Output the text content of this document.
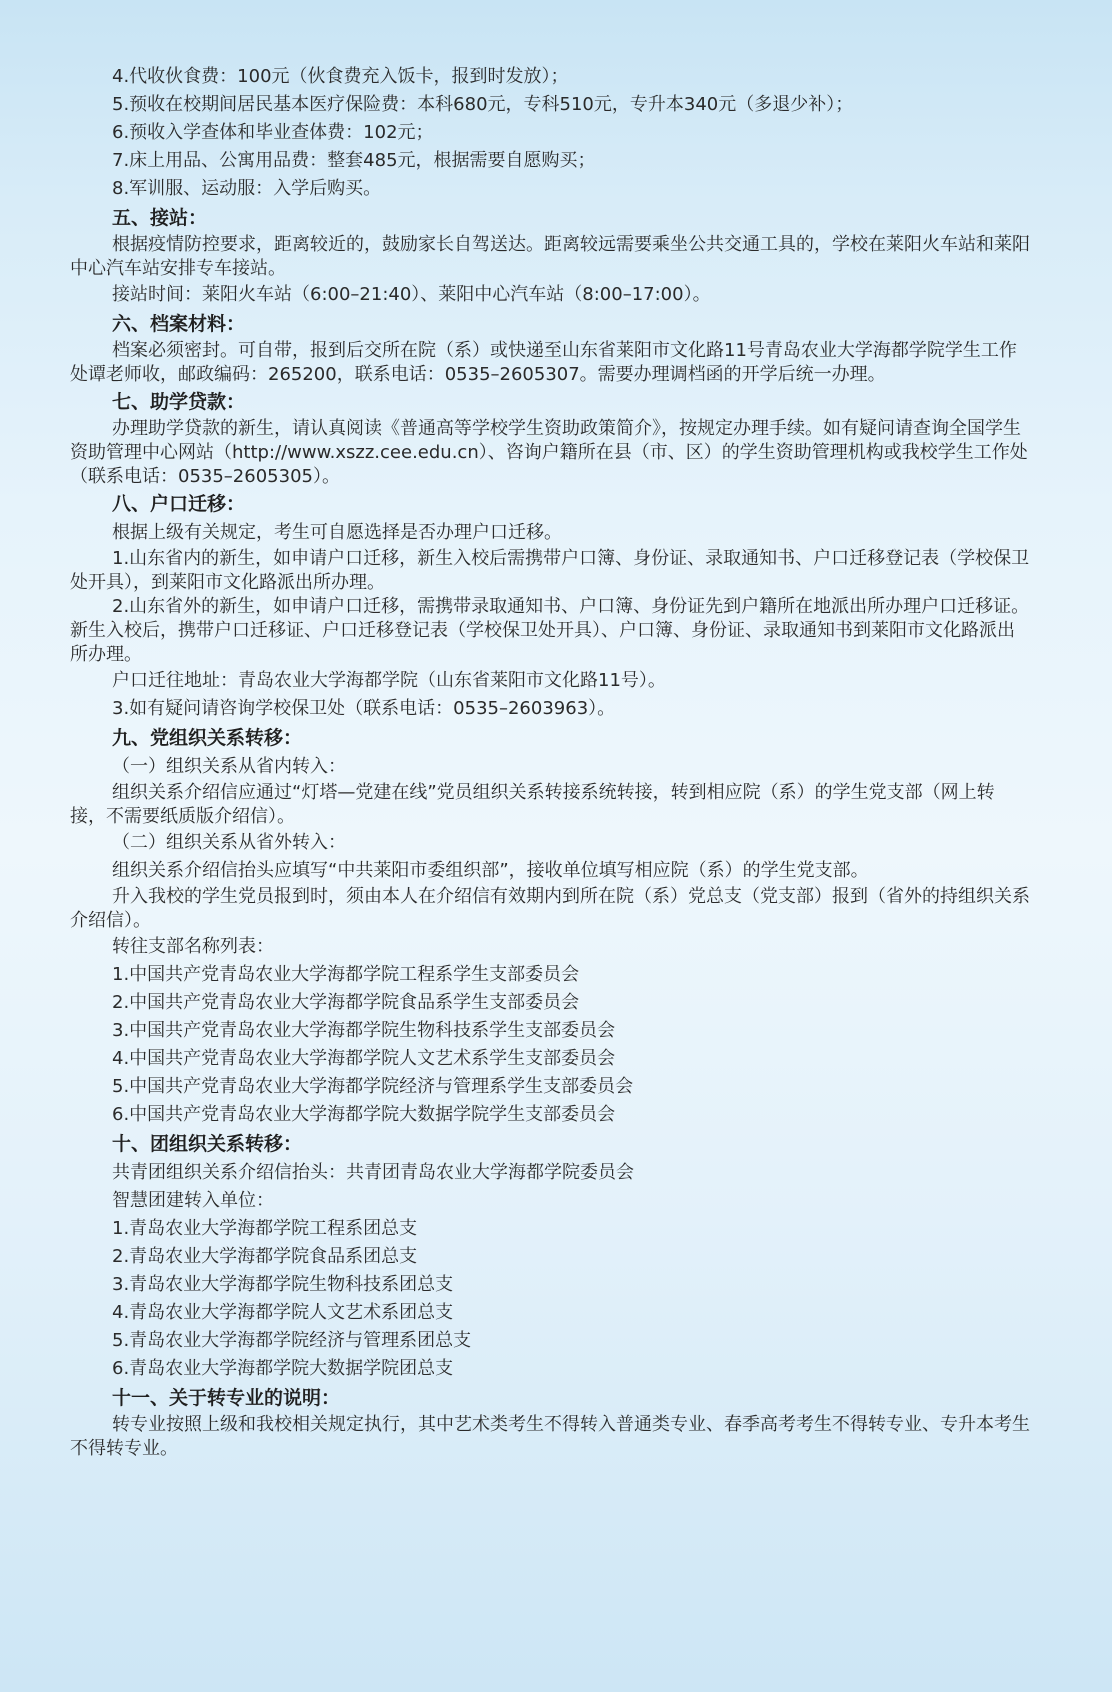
4.代收伙食费：100元（伙食费充入饭卡，报到时发放）；

5.预收在校期间居民基本医疗保险费：本科680元，专科510元，专升本340元（多退少补）；

6.预收入学查体和毕业查体费：102元；

7.床上用品、公寓用品费：整套485元，根据需要自愿购买；

8.军训服、运动服：入学后购买。

五、接站：

根据疫情防控要求，距离较近的，鼓励家长自驾送达。距离较远需要乘坐公共交通工具的，学校在莱阳火车站和莱阳中心汽车站安排专车接站。

接站时间：莱阳火车站（6:00–21:40）、莱阳中心汽车站（8:00–17:00）。

六、档案材料：

档案必须密封。可自带，报到后交所在院（系）或快递至山东省莱阳市文化路11号青岛农业大学海都学院学生工作处谭老师收，邮政编码：265200，联系电话：0535–2605307。需要办理调档函的开学后统一办理。

七、助学贷款：

办理助学贷款的新生，请认真阅读《普通高等学校学生资助政策简介》，按规定办理手续。如有疑问请查询全国学生资助管理中心网站（http://www.xszz.cee.edu.cn）、咨询户籍所在县（市、区）的学生资助管理机构或我校学生工作处（联系电话：0535–2605305）。

八、户口迁移：

根据上级有关规定，考生可自愿选择是否办理户口迁移。

1.山东省内的新生，如申请户口迁移，新生入校后需携带户口簿、身份证、录取通知书、户口迁移登记表（学校保卫处开具），到莱阳市文化路派出所办理。

2.山东省外的新生，如申请户口迁移，需携带录取通知书、户口簿、身份证先到户籍所在地派出所办理户口迁移证。新生入校后，携带户口迁移证、户口迁移登记表（学校保卫处开具）、户口簿、身份证、录取通知书到莱阳市文化路派出所办理。

户口迁往地址：青岛农业大学海都学院（山东省莱阳市文化路11号）。

3.如有疑问请咨询学校保卫处（联系电话：0535–2603963）。

九、党组织关系转移：

（一）组织关系从省内转入：

组织关系介绍信应通过“灯塔—党建在线”党员组织关系转接系统转接，转到相应院（系）的学生党支部（网上转接，不需要纸质版介绍信）。

（二）组织关系从省外转入：

组织关系介绍信抬头应填写“中共莱阳市委组织部”，接收单位填写相应院（系）的学生党支部。

升入我校的学生党员报到时，须由本人在介绍信有效期内到所在院（系）党总支（党支部）报到（省外的持组织关系介绍信）。

转往支部名称列表：

1.中国共产党青岛农业大学海都学院工程系学生支部委员会

2.中国共产党青岛农业大学海都学院食品系学生支部委员会

3.中国共产党青岛农业大学海都学院生物科技系学生支部委员会

4.中国共产党青岛农业大学海都学院人文艺术系学生支部委员会

5.中国共产党青岛农业大学海都学院经济与管理系学生支部委员会

6.中国共产党青岛农业大学海都学院大数据学院学生支部委员会

十、团组织关系转移：

共青团组织关系介绍信抬头：共青团青岛农业大学海都学院委员会

智慧团建转入单位：

1.青岛农业大学海都学院工程系团总支

2.青岛农业大学海都学院食品系团总支

3.青岛农业大学海都学院生物科技系团总支

4.青岛农业大学海都学院人文艺术系团总支

5.青岛农业大学海都学院经济与管理系团总支

6.青岛农业大学海都学院大数据学院团总支

十一、关于转专业的说明：

转专业按照上级和我校相关规定执行，其中艺术类考生不得转入普通类专业、春季高考考生不得转专业、专升本考生不得转专业。
